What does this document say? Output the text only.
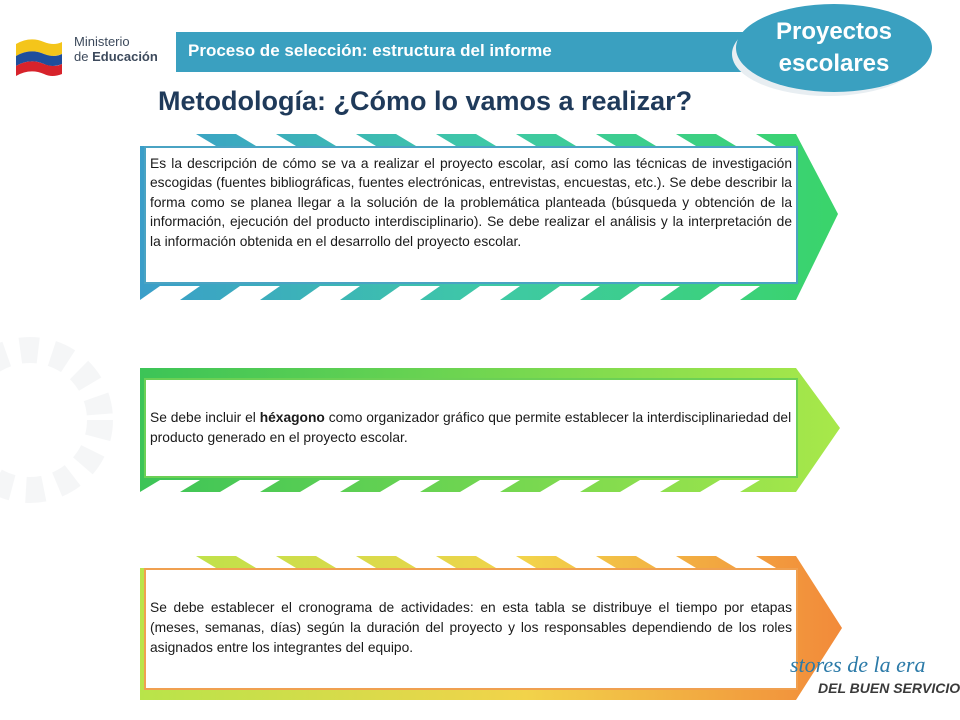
Ministerio
de Educación Proceso de selección: estructura del informe
Proyectos
escolares
Metodología: ¿Cómo lo vamos a realizar?
Es la descripción de cómo se va a realizar el proyecto escolar, así como las técnicas de investigación escogidas (fuentes bibliográficas, fuentes electrónicas, entrevistas, encuestas, etc.). Se debe describir la forma como se planea llegar a la solución de la problemática planteada (búsqueda y obtención de la información, ejecución del producto interdisciplinario). Se debe realizar el análisis y la interpretación de la información obtenida en el desarrollo del proyecto escolar.
Se debe incluir el héxagono como organizador gráfico que permite establecer la interdisciplinariedad del producto generado en el proyecto escolar.
Se debe establecer el cronograma de actividades: en esta tabla se distribuye el tiempo por etapas (meses, semanas, días) según la duración del proyecto y los responsables dependiendo de los roles asignados entre los integrantes del equipo.
stores de la era
DEL BUEN SERVICIO
